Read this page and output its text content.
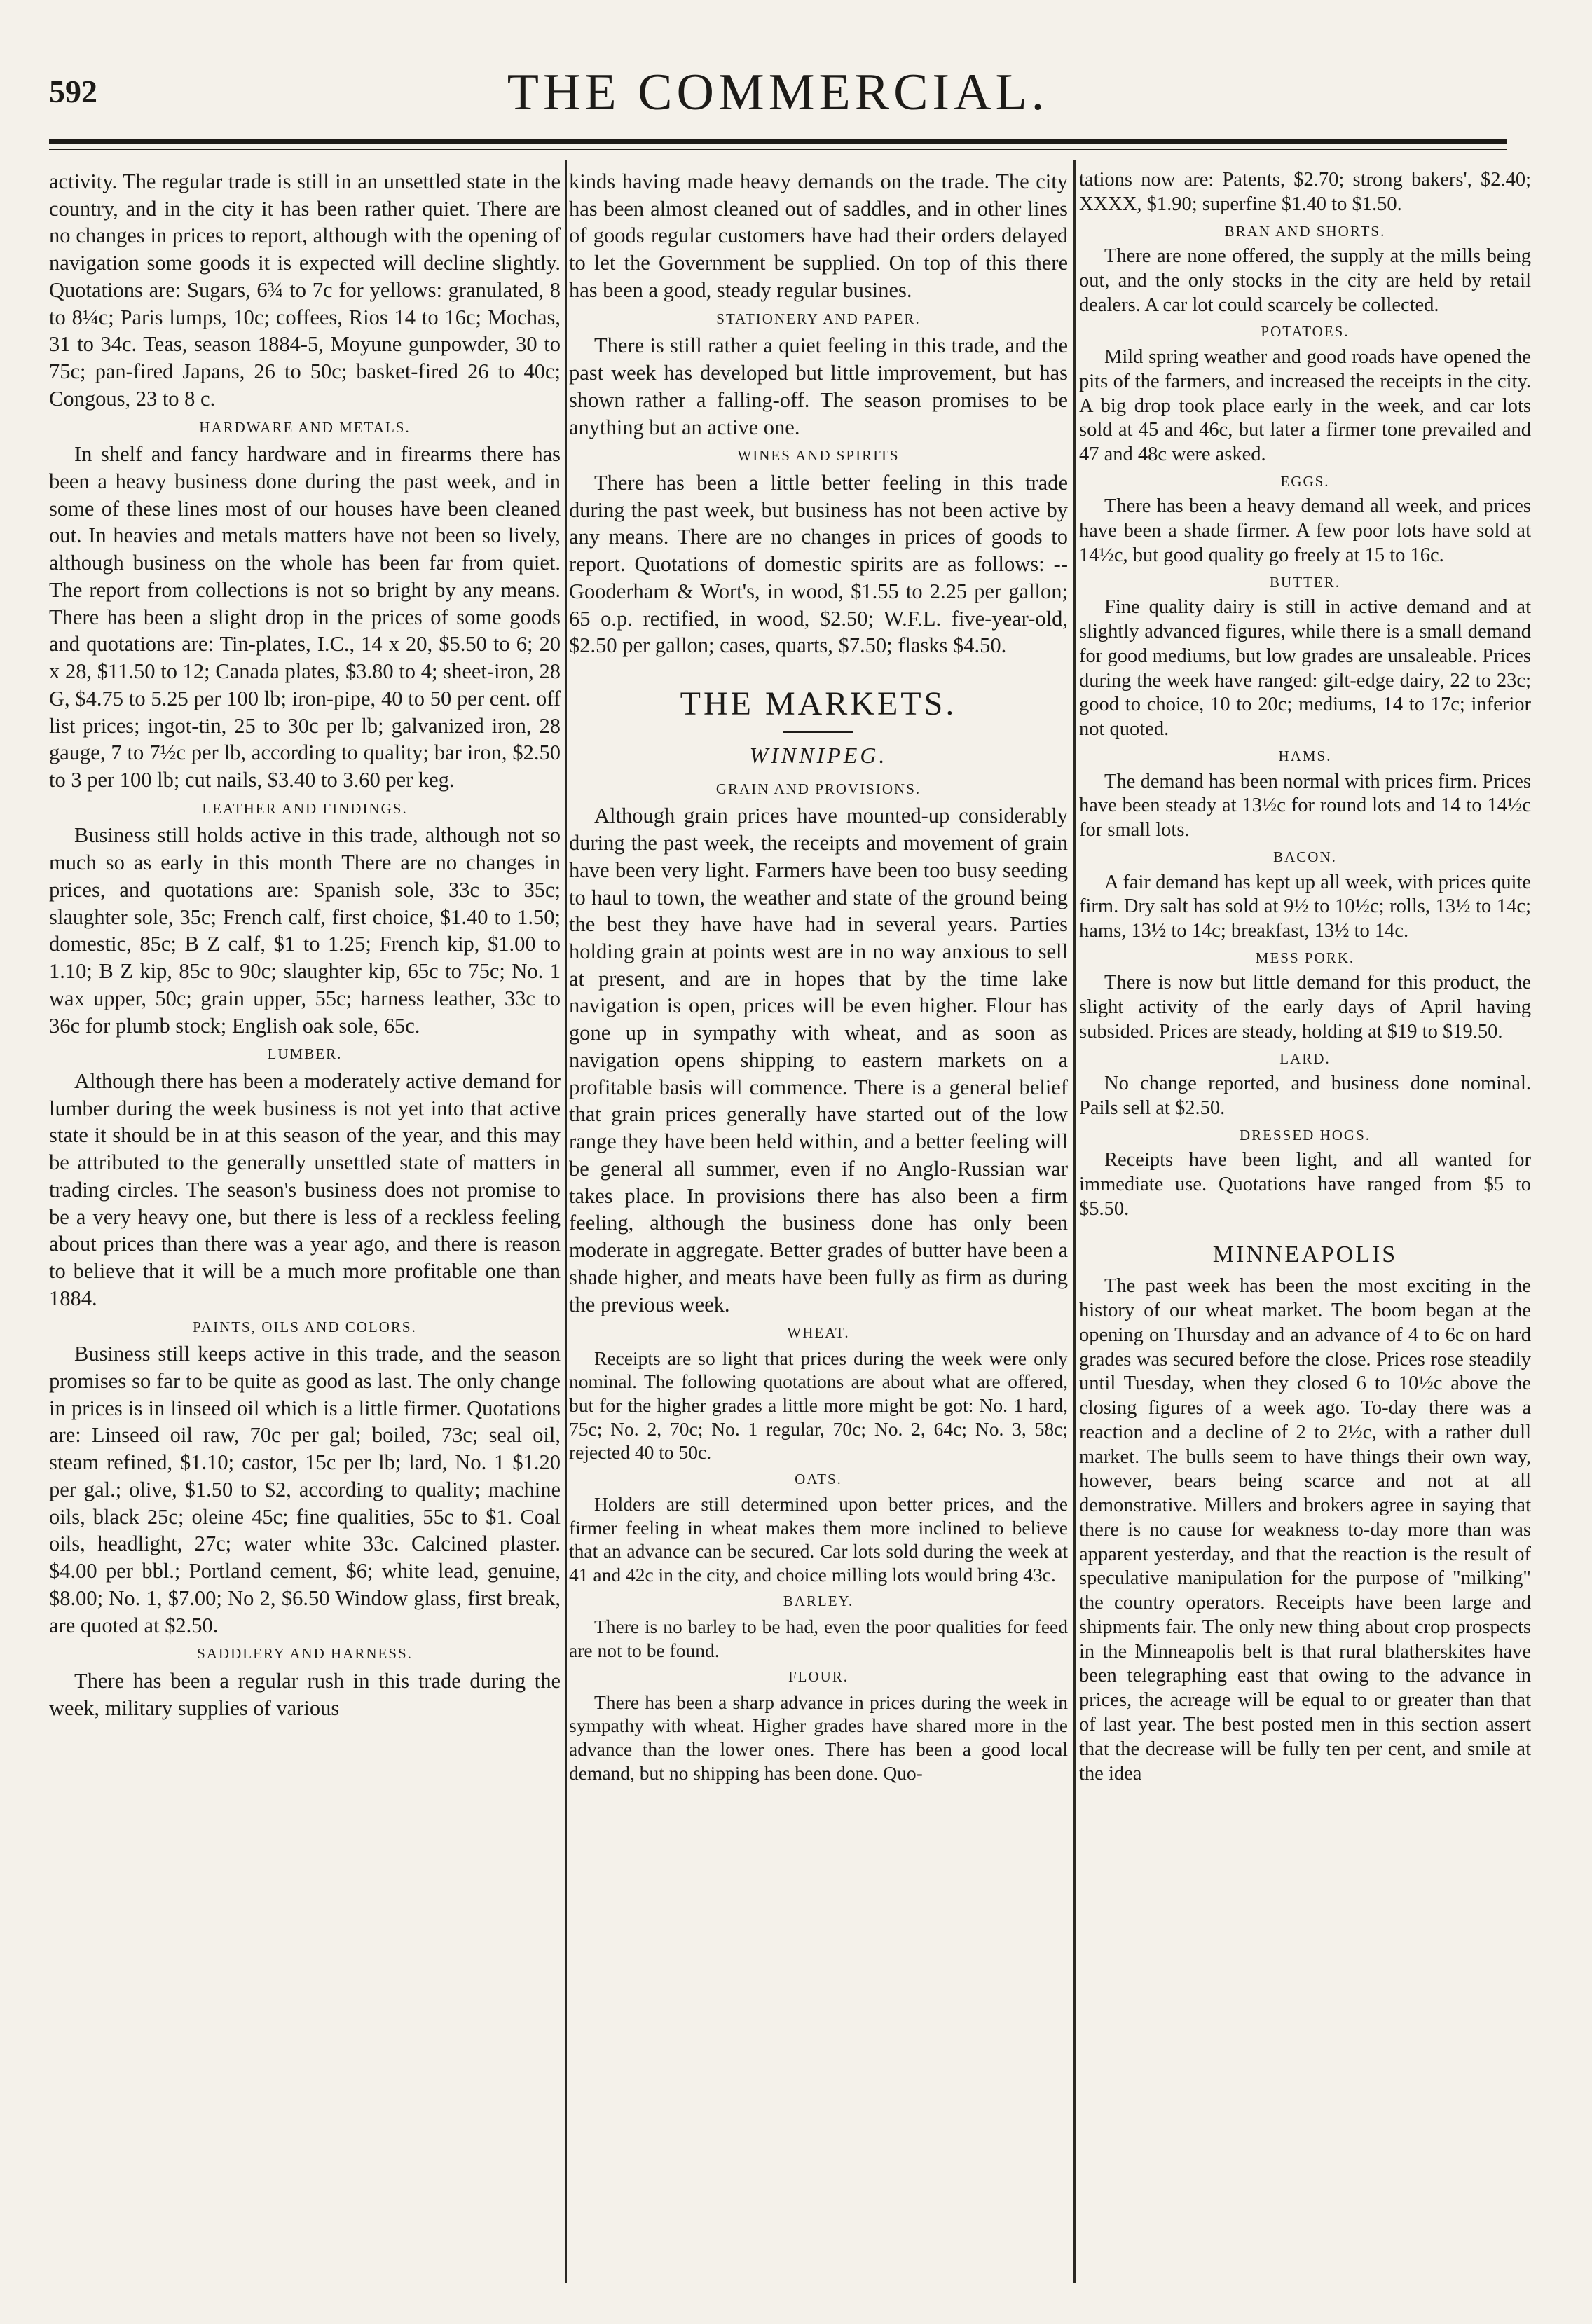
592	THE COMMERCIAL.

activity. The regular trade is still in an unsettled state in the country, and in the city it has been rather quiet. There are no changes in prices to report, although with the opening of navigation some goods it is expected will decline slightly. Quotations are: Sugars, 6¾ to 7c for yellows: granulated, 8 to 8¼c; Paris lumps, 10c; coffees, Rios 14 to 16c; Mochas, 31 to 34c. Teas, season 1884-5, Moyune gunpowder, 30 to 75c; pan-fired Japans, 26 to 50c; basket-fired 26 to 40c; Congous, 23 to 8 c.

HARDWARE AND METALS.

In shelf and fancy hardware and in firearms there has been a heavy business done during the past week, and in some of these lines most of our houses have been cleaned out. In heavies and metals matters have not been so lively, although business on the whole has been far from quiet. The report from collections is not so bright by any means. There has been a slight drop in the prices of some goods and quotations are: Tin-plates, I.C., 14 x 20, $5.50 to 6; 20 x 28, $11.50 to 12; Canada plates, $3.80 to 4; sheet-iron, 28 G, $4.75 to 5.25 per 100 lb; iron-pipe, 40 to 50 per cent. off list prices; ingot-tin, 25 to 30c per lb; galvanized iron, 28 gauge, 7 to 7½c per lb, according to quality; bar iron, $2.50 to 3 per 100 lb; cut nails, $3.40 to 3.60 per keg.

LEATHER AND FINDINGS.

Business still holds active in this trade, although not so much so as early in this month There are no changes in prices, and quotations are: Spanish sole, 33c to 35c; slaughter sole, 35c; French calf, first choice, $1.40 to 1.50; domestic, 85c; B Z calf, $1 to 1.25; French kip, $1.00 to 1.10; B Z kip, 85c to 90c; slaughter kip, 65c to 75c; No. 1 wax upper, 50c; grain upper, 55c; harness leather, 33c to 36c for plumb stock; English oak sole, 65c.

LUMBER.

Although there has been a moderately active demand for lumber during the week business is not yet into that active state it should be in at this season of the year, and this may be attributed to the generally unsettled state of matters in trading circles. The season's business does not promise to be a very heavy one, but there is less of a reckless feeling about prices than there was a year ago, and there is reason to believe that it will be a much more profitable one than 1884.

PAINTS, OILS AND COLORS.

Business still keeps active in this trade, and the season promises so far to be quite as good as last. The only change in prices is in linseed oil which is a little firmer. Quotations are: Linseed oil raw, 70c per gal; boiled, 73c; seal oil, steam refined, $1.10; castor, 15c per lb; lard, No. 1 $1.20 per gal.; olive, $1.50 to $2, according to quality; machine oils, black 25c; oleine 45c; fine qualities, 55c to $1. Coal oils, headlight, 27c; water white 33c. Calcined plaster. $4.00 per bbl.; Portland cement, $6; white lead, genuine, $8.00; No. 1, $7.00; No 2, $6.50 Window glass, first break, are quoted at $2.50.

SADDLERY AND HARNESS.

There has been a regular rush in this trade during the week, military supplies of various

kinds having made heavy demands on the trade. The city has been almost cleaned out of saddles, and in other lines of goods regular customers have had their orders delayed to let the Government be supplied. On top of this there has been a good, steady regular busines.

STATIONERY AND PAPER.

There is still rather a quiet feeling in this trade, and the past week has developed but little improvement, but has shown rather a falling-off. The season promises to be anything but an active one.

WINES AND SPIRITS

There has been a little better feeling in this trade during the past week, but business has not been active by any means. There are no changes in prices of goods to report. Quotations of domestic spirits are as follows: --Gooderham & Wort's, in wood, $1.55 to 2.25 per gallon; 65 o.p. rectified, in wood, $2.50; W.F.L. five-year-old, $2.50 per gallon; cases, quarts, $7.50; flasks $4.50.

THE MARKETS.
WINNIPEG.
GRAIN AND PROVISIONS.

Although grain prices have mounted-up considerably during the past week, the receipts and movement of grain have been very light. Farmers have been too busy seeding to haul to town, the weather and state of the ground being the best they have have had in several years. Parties holding grain at points west are in no way anxious to sell at present, and are in hopes that by the time lake navigation is open, prices will be even higher. Flour has gone up in sympathy with wheat, and as soon as navigation opens shipping to eastern markets on a profitable basis will commence. There is a general belief that grain prices generally have started out of the low range they have been held within, and a better feeling will be general all summer, even if no Anglo-Russian war takes place. In provisions there has also been a firm feeling, although the business done has only been moderate in aggregate. Better grades of butter have been a shade higher, and meats have been fully as firm as during the previous week.

WHEAT.

Receipts are so light that prices during the week were only nominal. The following quotations are about what are offered, but for the higher grades a little more might be got: No. 1 hard, 75c; No. 2, 70c; No. 1 regular, 70c; No. 2, 64c; No. 3, 58c; rejected 40 to 50c.

OATS.

Holders are still determined upon better prices, and the firmer feeling in wheat makes them more inclined to believe that an advance can be secured. Car lots sold during the week at 41 and 42c in the city, and choice milling lots would bring 43c.

BARLEY.

There is no barley to be had, even the poor qualities for feed are not to be found.

FLOUR.

There has been a sharp advance in prices during the week in sympathy with wheat. Higher grades have shared more in the advance than the lower ones. There has been a good local demand, but no shipping has been done. Quo-

tations now are: Patents, $2.70; strong bakers', $2.40; XXXX, $1.90; superfine $1.40 to $1.50.

BRAN AND SHORTS.

There are none offered, the supply at the mills being out, and the only stocks in the city are held by retail dealers. A car lot could scarcely be collected.

POTATOES.

Mild spring weather and good roads have opened the pits of the farmers, and increased the receipts in the city. A big drop took place early in the week, and car lots sold at 45 and 46c, but later a firmer tone prevailed and 47 and 48c were asked.

EGGS.

There has been a heavy demand all week, and prices have been a shade firmer. A few poor lots have sold at 14½c, but good quality go freely at 15 to 16c.

BUTTER.

Fine quality dairy is still in active demand and at slightly advanced figures, while there is a small demand for good mediums, but low grades are unsaleable. Prices during the week have ranged: gilt-edge dairy, 22 to 23c; good to choice, 10 to 20c; mediums, 14 to 17c; inferior not quoted.

HAMS.

The demand has been normal with prices firm. Prices have been steady at 13½c for round lots and 14 to 14½c for small lots.

BACON.

A fair demand has kept up all week, with prices quite firm. Dry salt has sold at 9½ to 10½c; rolls, 13½ to 14c; hams, 13½ to 14c; breakfast, 13½ to 14c.

MESS PORK.

There is now but little demand for this product, the slight activity of the early days of April having subsided. Prices are steady, holding at $19 to $19.50.

LARD.

No change reported, and business done nominal. Pails sell at $2.50.

DRESSED HOGS.

Receipts have been light, and all wanted for immediate use. Quotations have ranged from $5 to $5.50.

MINNEAPOLIS

The past week has been the most exciting in the history of our wheat market. The boom began at the opening on Thursday and an advance of 4 to 6c on hard grades was secured before the close. Prices rose steadily until Tuesday, when they closed 6 to 10½c above the closing figures of a week ago. To-day there was a reaction and a decline of 2 to 2½c, with a rather dull market. The bulls seem to have things their own way, however, bears being scarce and not at all demonstrative. Millers and brokers agree in saying that there is no cause for weakness to-day more than was apparent yesterday, and that the reaction is the result of speculative manipulation for the purpose of "milking" the country operators. Receipts have been large and shipments fair. The only new thing about crop prospects in the Minneapolis belt is that rural blatherskites have been telegraphing east that owing to the advance in prices, the acreage will be equal to or greater than that of last year. The best posted men in this section assert that the decrease will be fully ten per cent, and smile at the idea
